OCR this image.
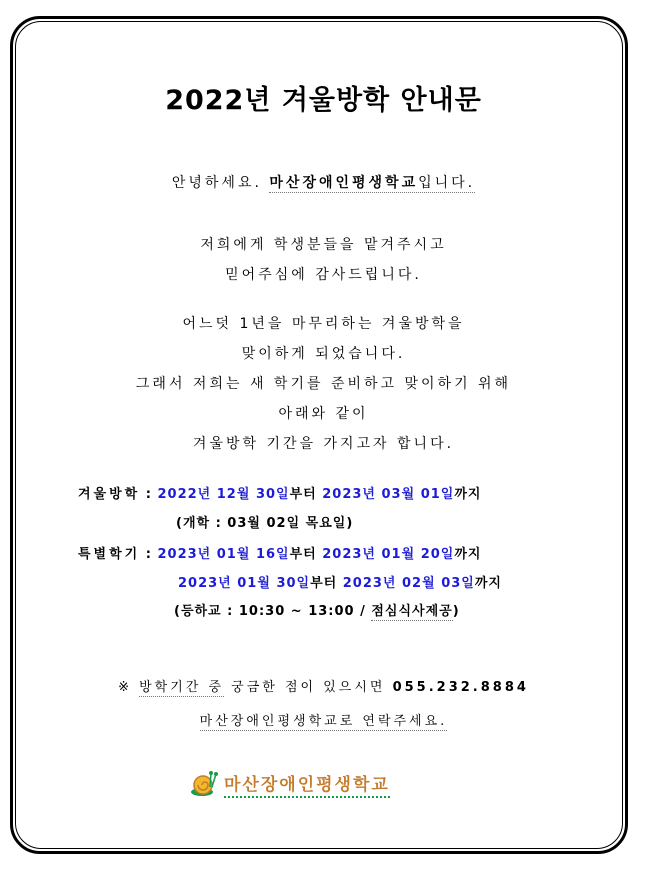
2022년 겨울방학 안내문
안녕하세요. 마산장애인평생학교입니다.
저희에게 학생분들을 맡겨주시고
믿어주심에 감사드립니다.
어느덧 1년을 마무리하는 겨울방학을
맞이하게 되었습니다.
그래서 저희는 새 학기를 준비하고 맞이하기 위해
아래와 같이
겨울방학 기간을 가지고자 합니다.
겨울방학 : 2022년 12월 30일부터 2023년 03월 01일까지
(개학 : 03월 02일 목요일)
특별학기 : 2023년 01월 16일부터 2023년 01월 20일까지
2023년 01월 30일부터 2023년 02월 03일까지
(등하교 : 10:30 ~ 13:00 / 점심식사제공)
※ 방학기간 중 궁금한 점이 있으시면 055.232.8884
마산장애인평생학교로 연락주세요.
마산장애인평생학교
